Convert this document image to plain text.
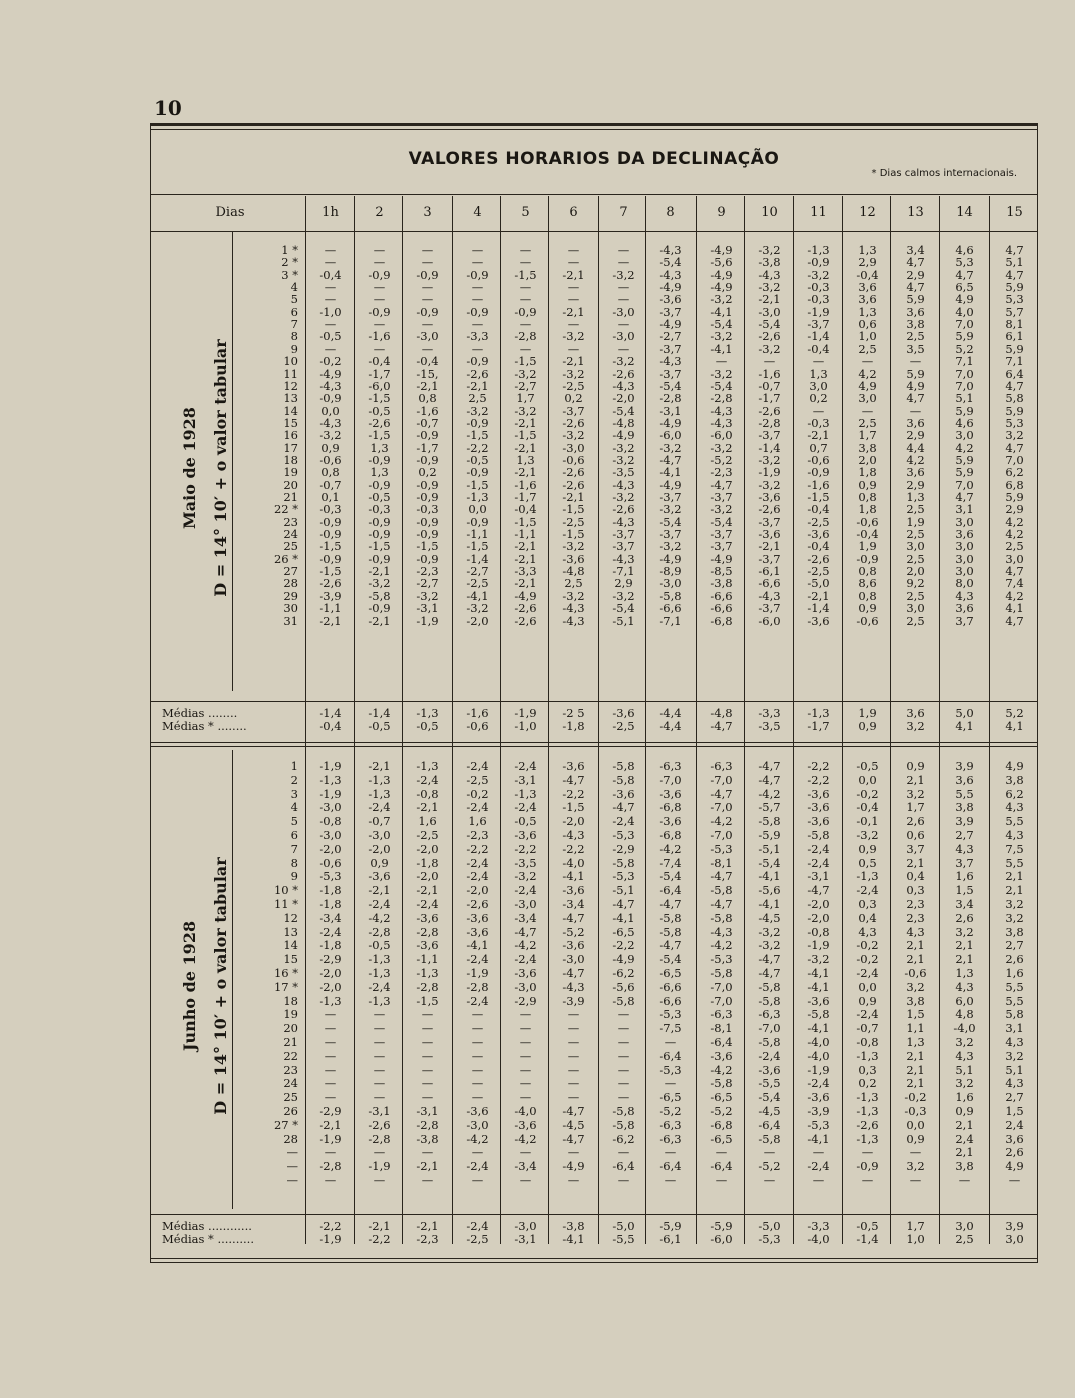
10
VALORES HORARIOS DA DECLINAÇÃO
* Dias calmos internacionais.
Dias	1h	2	3	4	5	6	7	8	9	10	11	12	13	14	15
Maio de 1928 D = 14° 10′ + o valor tabular
1 *	—	—	—	—	—	—	—	-4,3	-4,9	-3,2	-1,3	1,3	3,4	4,6	4,7
2 *	—	—	—	—	—	—	—	-5,4	-5,6	-3,8	-0,9	2,9	4,7	5,3	5,1
3 *	-0,4	-0,9	-0,9	-0,9	-1,5	-2,1	-3,2	-4,3	-4,9	-4,3	-3,2	-0,4	2,9	4,7	4,7
4	—	—	—	—	—	—	—	-4,9	-4,9	-3,2	-0,3	3,6	4,7	6,5	5,9
5	—	—	—	—	—	—	—	-3,6	-3,2	-2,1	-0,3	3,6	5,9	4,9	5,3
6	-1,0	-0,9	-0,9	-0,9	-0,9	-2,1	-3,0	-3,7	-4,1	-3,0	-1,9	1,3	3,6	4,0	5,7
7	—	—	—	—	—	—	—	-4,9	-5,4	-5,4	-3,7	0,6	3,8	7,0	8,1
8	-0,5	-1,6	-3,0	-3,3	-2,8	-3,2	-3,0	-2,7	-3,2	-2,6	-1,4	1,0	2,5	5,9	6,1
9	—	—	—	—	—	—	—	-3,7	-4,1	-3,2	-0,4	2,5	3,5	5,2	5,9
10	-0,2	-0,4	-0,4	-0,9	-1,5	-2,1	-3,2	-4,3	—	—	—	—	—	7,1	7,1
11	-4,9	-1,7	-15,	-2,6	-3,2	-3,2	-2,6	-3,7	-3,2	-1,6	1,3	4,2	5,9	7,0	6,4
12	-4,3	-6,0	-2,1	-2,1	-2,7	-2,5	-4,3	-5,4	-5,4	-0,7	3,0	4,9	4,9	7,0	4,7
13	-0,9	-1,5	0,8	2,5	1,7	0,2	-2,0	-2,8	-2,8	-1,7	0,2	3,0	4,7	5,1	5,8
14	0,0	-0,5	-1,6	-3,2	-3,2	-3,7	-5,4	-3,1	-4,3	-2,6	—	—	—	5,9	5,9
15	-4,3	-2,6	-0,7	-0,9	-2,1	-2,6	-4,8	-4,9	-4,3	-2,8	-0,3	2,5	3,6	4,6	5,3
16	-3,2	-1,5	-0,9	-1,5	-1,5	-3,2	-4,9	-6,0	-6,0	-3,7	-2,1	1,7	2,9	3,0	3,2
17	0,9	1,3	-1,7	-2,2	-2,1	-3,0	-3,2	-3,2	-3,2	-1,4	0,7	3,8	4,4	4,2	4,7
18	-0,6	-0,9	-0,9	-0,5	1,3	-0,6	-3,2	-4,7	-5,2	-3,2	-0,6	2,0	4,2	5,9	7,0
19	0,8	1,3	0,2	-0,9	-2,1	-2,6	-3,5	-4,1	-2,3	-1,9	-0,9	1,8	3,6	5,9	6,2
20	-0,7	-0,9	-0,9	-1,5	-1,6	-2,6	-4,3	-4,9	-4,7	-3,2	-1,6	0,9	2,9	7,0	6,8
21	0,1	-0,5	-0,9	-1,3	-1,7	-2,1	-3,2	-3,7	-3,7	-3,6	-1,5	0,8	1,3	4,7	5,9
22 *	-0,3	-0,3	-0,3	0,0	-0,4	-1,5	-2,6	-3,2	-3,2	-2,6	-0,4	1,8	2,5	3,1	2,9
23	-0,9	-0,9	-0,9	-0,9	-1,5	-2,5	-4,3	-5,4	-5,4	-3,7	-2,5	-0,6	1,9	3,0	4,2
24	-0,9	-0,9	-0,9	-1,1	-1,1	-1,5	-3,7	-3,7	-3,7	-3,6	-3,6	-0,4	2,5	3,6	4,2
25	-1,5	-1,5	-1,5	-1,5	-2,1	-3,2	-3,7	-3,2	-3,7	-2,1	-0,4	1,9	3,0	3,0	2,5
26 *	-0,9	-0,9	-0,9	-1,4	-2,1	-3,6	-4,3	-4,9	-4,9	-3,7	-2,6	-0,9	2,5	3,0	3,0
27	-1,5	-2,1	-2,3	-2,7	-3,3	-4,8	-7,1	-8,9	-8,5	-6,1	-2,5	0,8	2,0	3,0	4,7
28	-2,6	-3,2	-2,7	-2,5	-2,1	2,5	2,9	-3,0	-3,8	-6,6	-5,0	8,6	9,2	8,0	7,4
29	-3,9	-5,8	-3,2	-4,1	-4,9	-3,2	-3,2	-5,8	-6,6	-4,3	-2,1	0,8	2,5	4,3	4,2
30	-1,1	-0,9	-3,1	-3,2	-2,6	-4,3	-5,4	-6,6	-6,6	-3,7	-1,4	0,9	3,0	3,6	4,1
31	-2,1	-2,1	-1,9	-2,0	-2,6	-4,3	-5,1	-7,1	-6,8	-6,0	-3,6	-0,6	2,5	3,7	4,7
Médias ........	-1,4	-1,4	-1,3	-1,6	-1,9	-2 5	-3,6	-4,4	-4,8	-3,3	-1,3	1,9	3,6	5,0	5,2
Médias * ........	-0,4	-0,5	-0,5	-0,6	-1,0	-1,8	-2,5	-4,4	-4,7	-3,5	-1,7	0,9	3,2	4,1	4,1
Junho de 1928 D = 14° 10′ + o valor tabular
1	-1,9	-2,1	-1,3	-2,4	-2,4	-3,6	-5,8	-6,3	-6,3	-4,7	-2,2	-0,5	0,9	3,9	4,9
2	-1,3	-1,3	-2,4	-2,5	-3,1	-4,7	-5,8	-7,0	-7,0	-4,7	-2,2	0,0	2,1	3,6	3,8
3	-1,9	-1,3	-0,8	-0,2	-1,3	-2,2	-3,6	-3,6	-4,7	-4,2	-3,6	-0,2	3,2	5,5	6,2
4	-3,0	-2,4	-2,1	-2,4	-2,4	-1,5	-4,7	-6,8	-7,0	-5,7	-3,6	-0,4	1,7	3,8	4,3
5	-0,8	-0,7	1,6	1,6	-0,5	-2,0	-2,4	-3,6	-4,2	-5,8	-3,6	-0,1	2,6	3,9	5,5
6	-3,0	-3,0	-2,5	-2,3	-3,6	-4,3	-5,3	-6,8	-7,0	-5,9	-5,8	-3,2	0,6	2,7	4,3
7	-2,0	-2,0	-2,0	-2,2	-2,2	-2,2	-2,9	-4,2	-5,3	-5,1	-2,4	0,9	3,7	4,3	7,5
8	-0,6	0,9	-1,8	-2,4	-3,5	-4,0	-5,8	-7,4	-8,1	-5,4	-2,4	0,5	2,1	3,7	5,5
9	-5,3	-3,6	-2,0	-2,4	-3,2	-4,1	-5,3	-5,4	-4,7	-4,1	-3,1	-1,3	0,4	1,6	2,1
10 *	-1,8	-2,1	-2,1	-2,0	-2,4	-3,6	-5,1	-6,4	-5,8	-5,6	-4,7	-2,4	0,3	1,5	2,1
11 *	-1,8	-2,4	-2,4	-2,6	-3,0	-3,4	-4,7	-4,7	-4,7	-4,1	-2,0	0,3	2,3	3,4	3,2
12	-3,4	-4,2	-3,6	-3,6	-3,4	-4,7	-4,1	-5,8	-5,8	-4,5	-2,0	0,4	2,3	2,6	3,2
13	-2,4	-2,8	-2,8	-3,6	-4,7	-5,2	-6,5	-5,8	-4,3	-3,2	-0,8	4,3	4,3	3,2	3,8
14	-1,8	-0,5	-3,6	-4,1	-4,2	-3,6	-2,2	-4,7	-4,2	-3,2	-1,9	-0,2	2,1	2,1	2,7
15	-2,9	-1,3	-1,1	-2,4	-2,4	-3,0	-4,9	-5,4	-5,3	-4,7	-3,2	-0,2	2,1	2,1	2,6
16 *	-2,0	-1,3	-1,3	-1,9	-3,6	-4,7	-6,2	-6,5	-5,8	-4,7	-4,1	-2,4	-0,6	1,3	1,6
17 *	-2,0	-2,4	-2,8	-2,8	-3,0	-4,3	-5,6	-6,6	-7,0	-5,8	-4,1	0,0	3,2	4,3	5,5
18	-1,3	-1,3	-1,5	-2,4	-2,9	-3,9	-5,8	-6,6	-7,0	-5,8	-3,6	0,9	3,8	6,0	5,5
19	—	—	—	—	—	—	—	-5,3	-6,3	-6,3	-5,8	-2,4	1,5	4,8	5,8
20	—	—	—	—	—	—	—	-7,5	-8,1	-7,0	-4,1	-0,7	1,1	-4,0	3,1
21	—	—	—	—	—	—	—	—	-6,4	-5,8	-4,0	-0,8	1,3	3,2	4,3
22	—	—	—	—	—	—	—	-6,4	-3,6	-2,4	-4,0	-1,3	2,1	4,3	3,2
23	—	—	—	—	—	—	—	-5,3	-4,2	-3,6	-1,9	0,3	2,1	5,1	5,1
24	—	—	—	—	—	—	—	—	-5,8	-5,5	-2,4	0,2	2,1	3,2	4,3
25	—	—	—	—	—	—	—	-6,5	-6,5	-5,4	-3,6	-1,3	-0,2	1,6	2,7
26	-2,9	-3,1	-3,1	-3,6	-4,0	-4,7	-5,8	-5,2	-5,2	-4,5	-3,9	-1,3	-0,3	0,9	1,5
27 *	-2,1	-2,6	-2,8	-3,0	-3,6	-4,5	-5,8	-6,3	-6,8	-6,4	-5,3	-2,6	0,0	2,1	2,4
28	-1,9	-2,8	-3,8	-4,2	-4,2	-4,7	-6,2	-6,3	-6,5	-5,8	-4,1	-1,3	0,9	2,4	3,6
—	—	—	—	—	—	—	—	—	—	—	—	—	—	2,1	2,6
—	-2,8	-1,9	-2,1	-2,4	-3,4	-4,9	-6,4	-6,4	-6,4	-5,2	-2,4	-0,9	3,2	3,8	4,9
—	—	—	—	—	—	—	—	—	—	—	—	—	—	—	—
Médias ............	-2,2	-2,1	-2,1	-2,4	-3,0	-3,8	-5,0	-5,9	-5,9	-5,0	-3,3	-0,5	1,7	3,0	3,9
Médias * ..........	-1,9	-2,2	-2,3	-2,5	-3,1	-4,1	-5,5	-6,1	-6,0	-5,3	-4,0	-1,4	1,0	2,5	3,0
